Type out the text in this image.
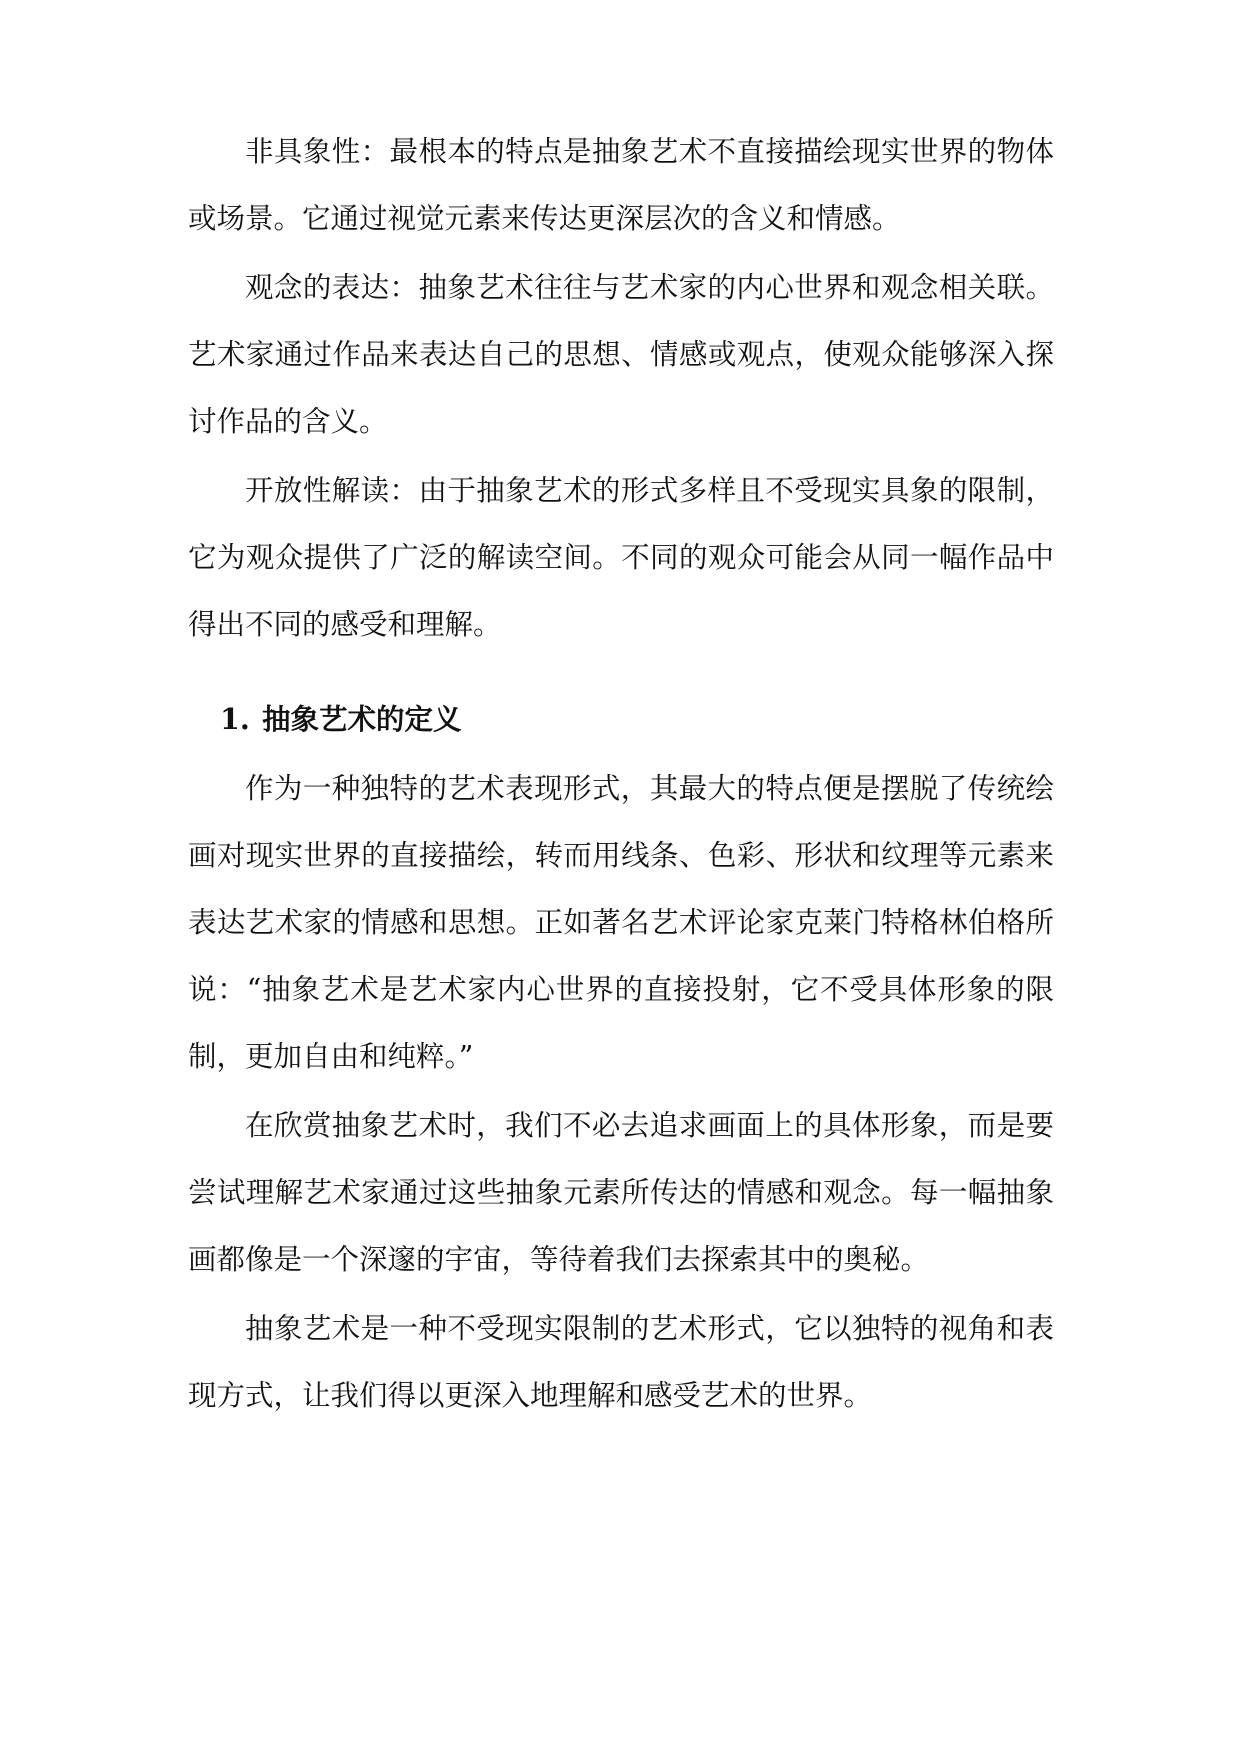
非具象性：最根本的特点是抽象艺术不直接描绘现实世界的物体
或场景。它通过视觉元素来传达更深层次的含义和情感。
观念的表达：抽象艺术往往与艺术家的内心世界和观念相关联。
艺术家通过作品来表达自己的思想、情感或观点，使观众能够深入探
讨作品的含义。
开放性解读：由于抽象艺术的形式多样且不受现实具象的限制，
它为观众提供了广泛的解读空间。不同的观众可能会从同一幅作品中
得出不同的感受和理解。
1. 抽象艺术的定义
作为一种独特的艺术表现形式，其最大的特点便是摆脱了传统绘
画对现实世界的直接描绘，转而用线条、色彩、形状和纹理等元素来
表达艺术家的情感和思想。正如著名艺术评论家克莱门特格林伯格所
说：“抽象艺术是艺术家内心世界的直接投射，它不受具体形象的限
制，更加自由和纯粹。”
在欣赏抽象艺术时，我们不必去追求画面上的具体形象，而是要
尝试理解艺术家通过这些抽象元素所传达的情感和观念。每一幅抽象
画都像是一个深邃的宇宙，等待着我们去探索其中的奥秘。
抽象艺术是一种不受现实限制的艺术形式，它以独特的视角和表
现方式，让我们得以更深入地理解和感受艺术的世界。
